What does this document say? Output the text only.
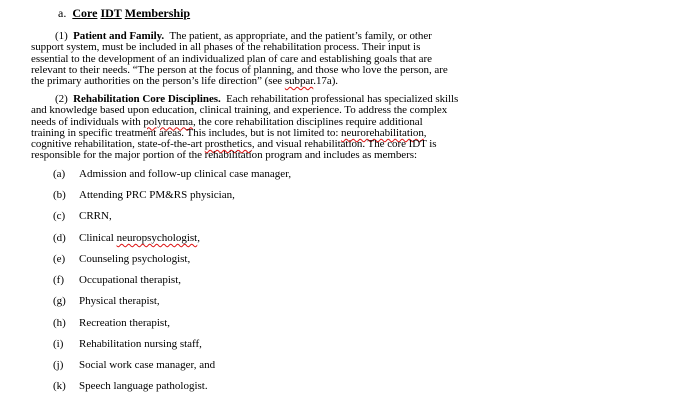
a. Core IDT Membership
(1) Patient and Family. The patient, as appropriate, and the patient’s family, or other
support system, must be included in all phases of the rehabilitation process. Their input is
essential to the development of an individualized plan of care and establishing goals that are
relevant to their needs. “The person at the focus of planning, and those who love the person, are
the primary authorities on the person’s life direction” (see subpar.17a).
(2) Rehabilitation Core Disciplines. Each rehabilitation professional has specialized skills
and knowledge based upon education, clinical training, and experience. To address the complex
needs of individuals with polytrauma, the core rehabilitation disciplines require additional
training in specific treatment areas. This includes, but is not limited to: neurorehabilitation,
cognitive rehabilitation, state-of-the-art prosthetics, and visual rehabilitation. The core IDT is
responsible for the major portion of the rehabilitation program and includes as members:
(a) Admission and follow-up clinical case manager,
(b) Attending PRC PM&RS physician,
(c) CRRN,
(d) Clinical neuropsychologist,
(e) Counseling psychologist,
(f) Occupational therapist,
(g) Physical therapist,
(h) Recreation therapist,
(i) Rehabilitation nursing staff,
(j) Social work case manager, and
(k) Speech language pathologist.
